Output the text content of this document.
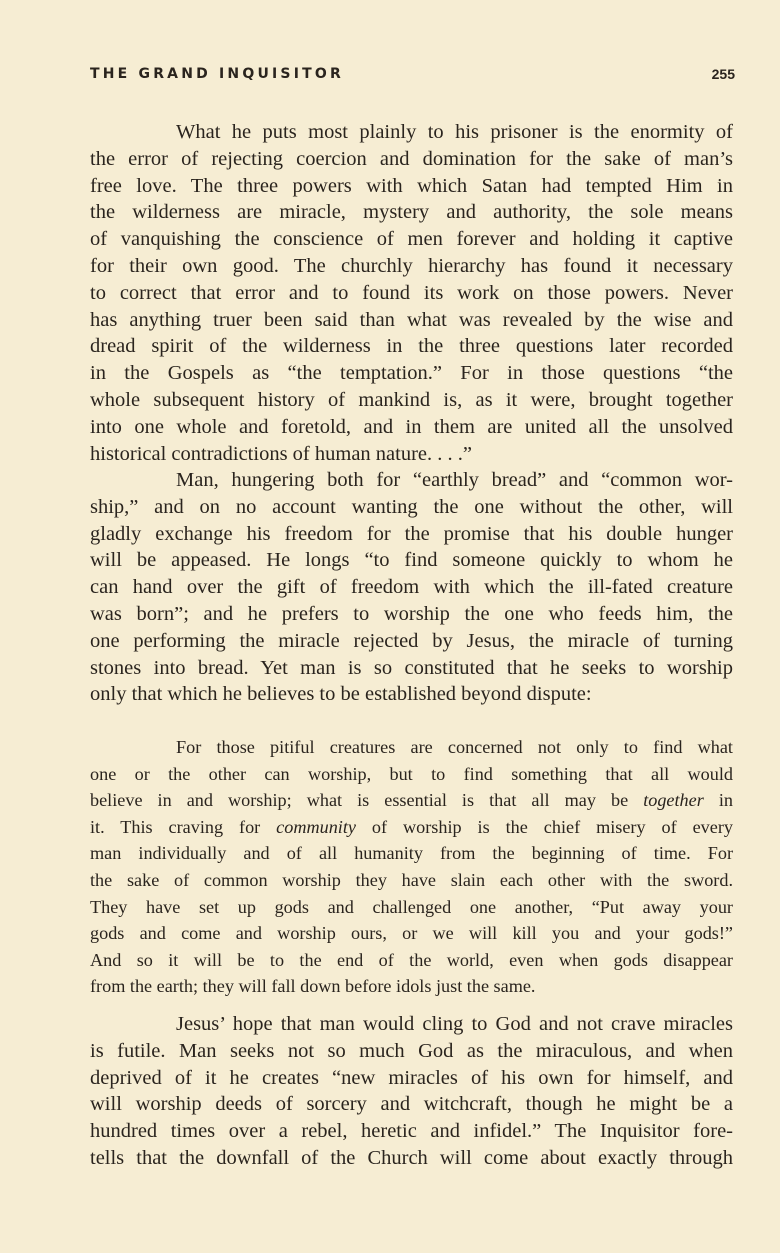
THE GRAND INQUISITOR	255
What he puts most plainly to his prisoner is the enormity of
the error of rejecting coercion and domination for the sake of man’s
free love. The three powers with which Satan had tempted Him in
the wilderness are miracle, mystery and authority, the sole means
of vanquishing the conscience of men forever and holding it captive
for their own good. The churchly hierarchy has found it necessary
to correct that error and to found its work on those powers. Never
has anything truer been said than what was revealed by the wise and
dread spirit of the wilderness in the three questions later recorded
in the Gospels as “the temptation.” For in those questions “the
whole subsequent history of mankind is, as it were, brought together
into one whole and foretold, and in them are united all the unsolved
historical contradictions of human nature. . . .”
Man, hungering both for “earthly bread” and “common wor-
ship,” and on no account wanting the one without the other, will
gladly exchange his freedom for the promise that his double hunger
will be appeased. He longs “to find someone quickly to whom he
can hand over the gift of freedom with which the ill-fated creature
was born”; and he prefers to worship the one who feeds him, the
one performing the miracle rejected by Jesus, the miracle of turning
stones into bread. Yet man is so constituted that he seeks to worship
only that which he believes to be established beyond dispute:
For those pitiful creatures are concerned not only to find what
one or the other can worship, but to find something that all would
believe in and worship; what is essential is that all may be together in
it. This craving for community of worship is the chief misery of every
man individually and of all humanity from the beginning of time. For
the sake of common worship they have slain each other with the sword.
They have set up gods and challenged one another, “Put away your
gods and come and worship ours, or we will kill you and your gods!”
And so it will be to the end of the world, even when gods disappear
from the earth; they will fall down before idols just the same.
Jesus’ hope that man would cling to God and not crave miracles
is futile. Man seeks not so much God as the miraculous, and when
deprived of it he creates “new miracles of his own for himself, and
will worship deeds of sorcery and witchcraft, though he might be a
hundred times over a rebel, heretic and infidel.” The Inquisitor fore-
tells that the downfall of the Church will come about exactly through
